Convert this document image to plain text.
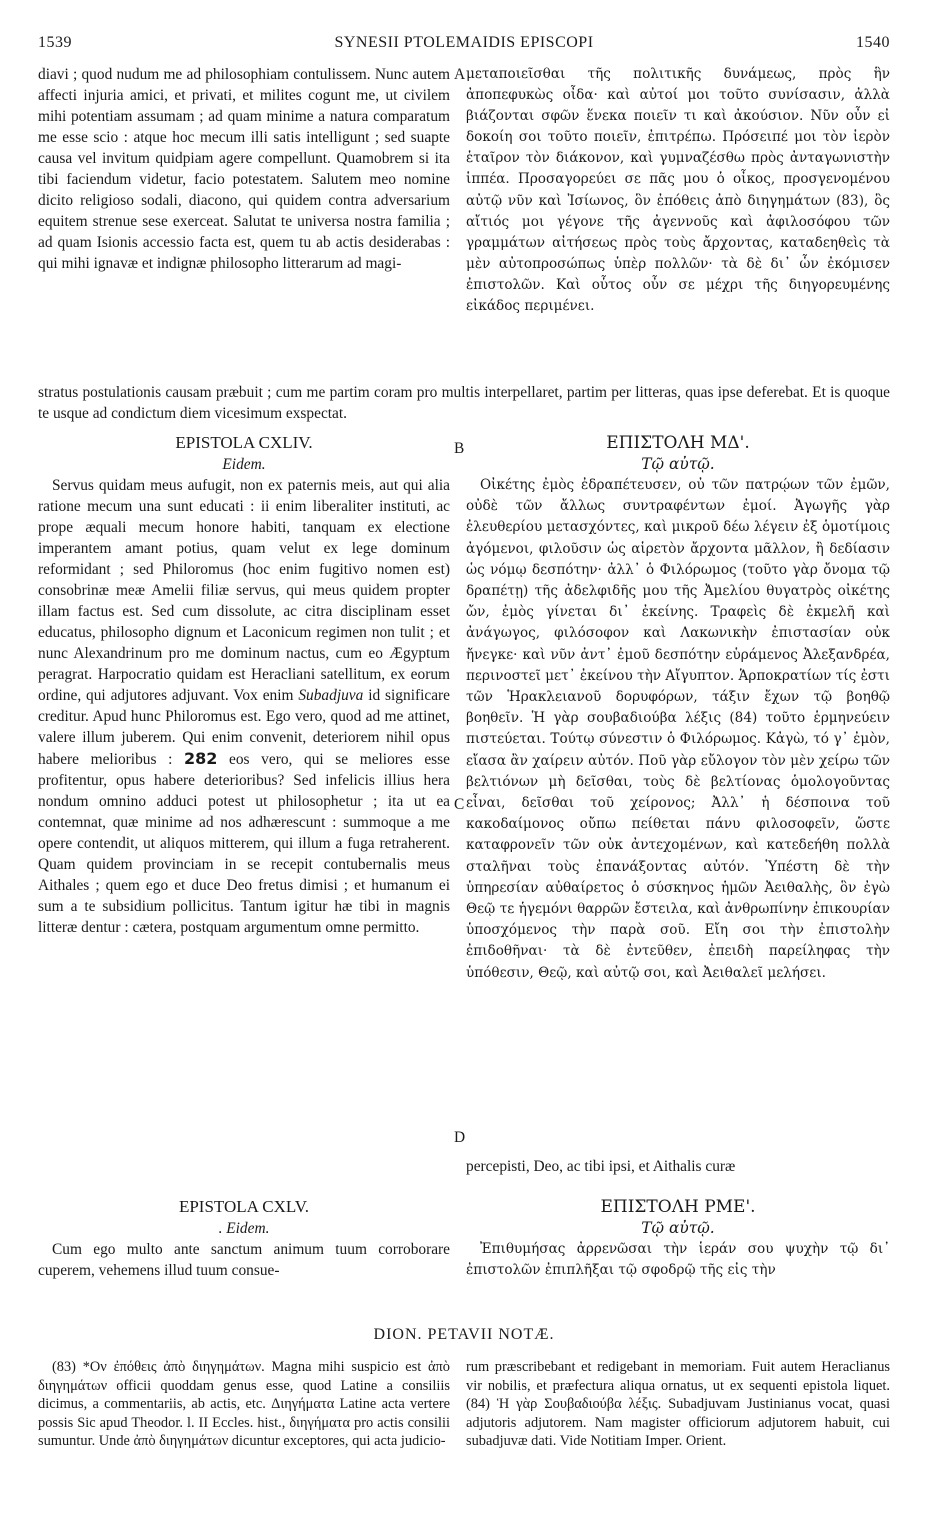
1539	SYNESII PTOLEMAIDIS EPISCOPI	1540

diavi ; quod nudum me ad philosophiam contulissem. Nunc autem affecti injuria amici, et privati, et milites cogunt me, ut civilem mihi potentiam assumam ; ad quam minime a natura comparatum me esse scio : atque hoc mecum illi satis intelligunt ; sed suapte causa vel invitum quidpiam agere compellunt. Quamobrem si ita tibi faciendum videtur, facio potestatem. Salutem meo nomine dicito religioso sodali, diacono, qui quidem contra adversarium equitem strenue sese exerceat. Salutat te universa nostra familia ; ad quam Isionis accessio facta est, quem tu ab actis desiderabas : qui mihi ignavæ et indignæ philosopho litterarum ad magi-

A μεταποιεῖσθαι τῆς πολιτικῆς δυνάμεως, πρὸς ἣν ἀποπεφυκὼς οἶδα· καὶ αὐτοί μοι τοῦτο συνίσασιν, ἀλλὰ βιάζονται σφῶν ἕνεκα ποιεῖν τι καὶ ἀκούσιον. Νῦν οὖν εἰ δοκοίη σοι τοῦτο ποιεῖν, ἐπιτρέπω. Πρόσειπέ μοι τὸν ἱερὸν ἑταῖρον τὸν διάκονον, καὶ γυμναζέσθω πρὸς ἀνταγωνιστὴν ἱππέα. Προσαγορεύει σε πᾶς μου ὁ οἶκος, προσγενομένου αὐτῷ νῦν καὶ Ἰσίωνος, ὃν ἐπόθεις ἀπὸ διηγημάτων (83), ὃς αἴτιός μοι γέγονε τῆς ἀγεννοῦς καὶ ἀφιλοσόφου τῶν γραμμάτων αἰτήσεως πρὸς τοὺς ἄρχοντας, καταδεηθεὶς τὰ μὲν αὐτοπροσώπως ὑπὲρ πολλῶν· τὰ δὲ δι᾽ ὧν ἐκόμισεν ἐπιστολῶν. Καὶ οὗτος οὖν σε μέχρι τῆς διηγορευμένης εἰκάδος περιμένει.

stratus postulationis causam præbuit ; cum me partim coram pro multis interpellaret, partim per litteras, quas ipse deferebat. Et is quoque te usque ad condictum diem vicesimum exspectat.

EPISTOLA CXLIV.

Eidem.

Servus quidam meus aufugit, non ex paternis meis, aut qui alia ratione mecum una sunt educati : ii enim liberaliter instituti, ac prope æquali mecum honore habiti, tanquam ex electione imperantem amant potius, quam velut ex lege dominum reformidant ; sed Philoromus (hoc enim fugitivo nomen est) consobrinæ meæ Amelii filiæ servus, qui meus quidem propter illam factus est. Sed cum dissolute, ac citra disciplinam esset educatus, philosopho dignum et Laconicum regimen non tulit ; et nunc Alexandrinum pro me dominum nactus, cum eo Ægyptum peragrat. Harpocratio quidam est Heracliani satellitum, ex eorum ordine, qui adjutores adjuvant. Vox enim Subadjuva id significare creditur. Apud hunc Philoromus est. Ego vero, quod ad me attinet, valere illum juberem. Qui enim convenit, deteriorem nihil opus habere melioribus : 282 eos vero, qui se meliores esse profitentur, opus habere deterioribus? Sed infelicis illius hera nondum omnino adduci potest ut philosophetur ; ita ut ea contemnat, quæ minime ad nos adhærescunt : summoque a me opere contendit, ut aliquos mitterem, qui illum a fuga retraherent. Quam quidem provinciam in se recepit contubernalis meus Aithales ; quem ego et duce Deo fretus dimisi ; et humanum ei sum a te subsidium pollicitus. Tantum igitur hæ tibi in magnis litteræ dentur : cætera, postquam argumentum omne permitto.

B
C
D

ΕΠΙΣΤΟΛΗ ΜΔ'.

Τῷ αὐτῷ.

Οἰκέτης ἐμὸς ἐδραπέτευσεν, οὐ τῶν πατρῴων τῶν ἐμῶν, οὐδὲ τῶν ἄλλως συντραφέντων ἐμοί. Ἀγωγῆς γὰρ ἐλευθερίου μετασχόντες, καὶ μικροῦ δέω λέγειν ἐξ ὁμοτίμοις ἀγόμενοι, φιλοῦσιν ὡς αἱρετὸν ἄρχοντα μᾶλλον, ἢ δεδίασιν ὡς νόμῳ δεσπότην· ἀλλ᾽ ὁ Φιλόρωμος (τοῦτο γὰρ ὄνομα τῷ δραπέτῃ) τῆς ἀδελφιδῆς μου τῆς Ἀμελίου θυγατρὸς οἰκέτης ὤν, ἐμὸς γίνεται δι᾽ ἐκείνης. Τραφεὶς δὲ ἐκμελῆ καὶ ἀνάγωγος, φιλόσοφον καὶ Λακωνικὴν ἐπιστασίαν οὐκ ἤνεγκε· καὶ νῦν ἀντ᾽ ἐμοῦ δεσπότην εὑράμενος Ἀλεξανδρέα, περινοστεῖ μετ᾽ ἐκείνου τὴν Αἴγυπτον. Ἁρποκρατίων τίς ἐστι τῶν Ἡρακλειανοῦ δορυφόρων, τάξιν ἔχων τῷ βοηθῷ βοηθεῖν. Ἡ γὰρ σουβαδιούβα λέξις (84) τοῦτο ἑρμηνεύειν πιστεύεται. Τούτῳ σύνεστιν ὁ Φιλόρωμος. Κἀγὼ, τό γ᾽ ἐμὸν, εἴασα ἂν χαίρειν αὐτόν. Ποῦ γὰρ εὔλογον τὸν μὲν χείρω τῶν βελτιόνων μὴ δεῖσθαι, τοὺς δὲ βελτίονας ὁμολογοῦντας εἶναι, δεῖσθαι τοῦ χείρονος; Ἀλλ᾽ ἡ δέσποινα τοῦ κακοδαίμονος οὔπω πείθεται πάνυ φιλοσοφεῖν, ὥστε καταφρονεῖν τῶν οὐκ ἀντεχομένων, καὶ κατεδεήθη πολλὰ σταλῆναι τοὺς ἐπανάξοντας αὐτόν. Ὑπέστη δὲ τὴν ὑπηρεσίαν αὐθαίρετος ὁ σύσκηνος ἡμῶν Ἀειθαλὴς, ὃν ἐγὼ Θεῷ τε ἡγεμόνι θαρρῶν ἔστειλα, καὶ ἀνθρωπίνην ἐπικουρίαν ὑποσχόμενος τὴν παρὰ σοῦ. Εἴη σοι τὴν ἐπιστολὴν ἐπιδοθῆναι· τὰ δὲ ἐντεῦθεν, ἐπειδὴ παρείληφας τὴν ὑπόθεσιν, Θεῷ, καὶ αὐτῷ σοι, καὶ Ἀειθαλεῖ μελήσει.

percepisti, Deo, ac tibi ipsi, et Aithalis curæ

EPISTOLA CXLV.

. Eidem.

Cum ego multo ante sanctum animum tuum corroborare cuperem, vehemens illud tuum consue-

ΕΠΙΣΤΟΛΗ ΡΜΕ'.

Τῷ αὐτῷ.

Ἐπιθυμήσας ἀρρενῶσαι τὴν ἱεράν σου ψυχὴν τῷ δι᾽ ἐπιστολῶν ἐπιπλῆξαι τῷ σφοδρῷ τῆς εἰς τὴν

DION. PETAVII NOTÆ.

(83) *Ον ἐπόθεις ἀπὸ διηγημάτων. Magna mihi suspicio est ἀπὸ διηγημάτων officii quoddam genus esse, quod Latine a consiliis dicimus, a commentariis, ab actis, etc. Διηγήματα Latine acta vertere possis Sic apud Theodor. l. II Eccles. hist., διηγήματα pro actis consilii sumuntur. Unde ἀπὸ διηγημάτων dicuntur exceptores, qui acta judicio-

rum præscribebant et redigebant in memoriam. Fuit autem Heraclianus vir nobilis, et præfectura aliqua ornatus, ut ex sequenti epistola liquet. (84) Ἡ γὰρ Σουβαδιούβα λέξις. Subadjuvam Justinianus vocat, quasi adjutoris adjutorem. Nam magister officiorum adjutorem habuit, cui subadjuvæ dati. Vide Notitiam Imper. Orient.
